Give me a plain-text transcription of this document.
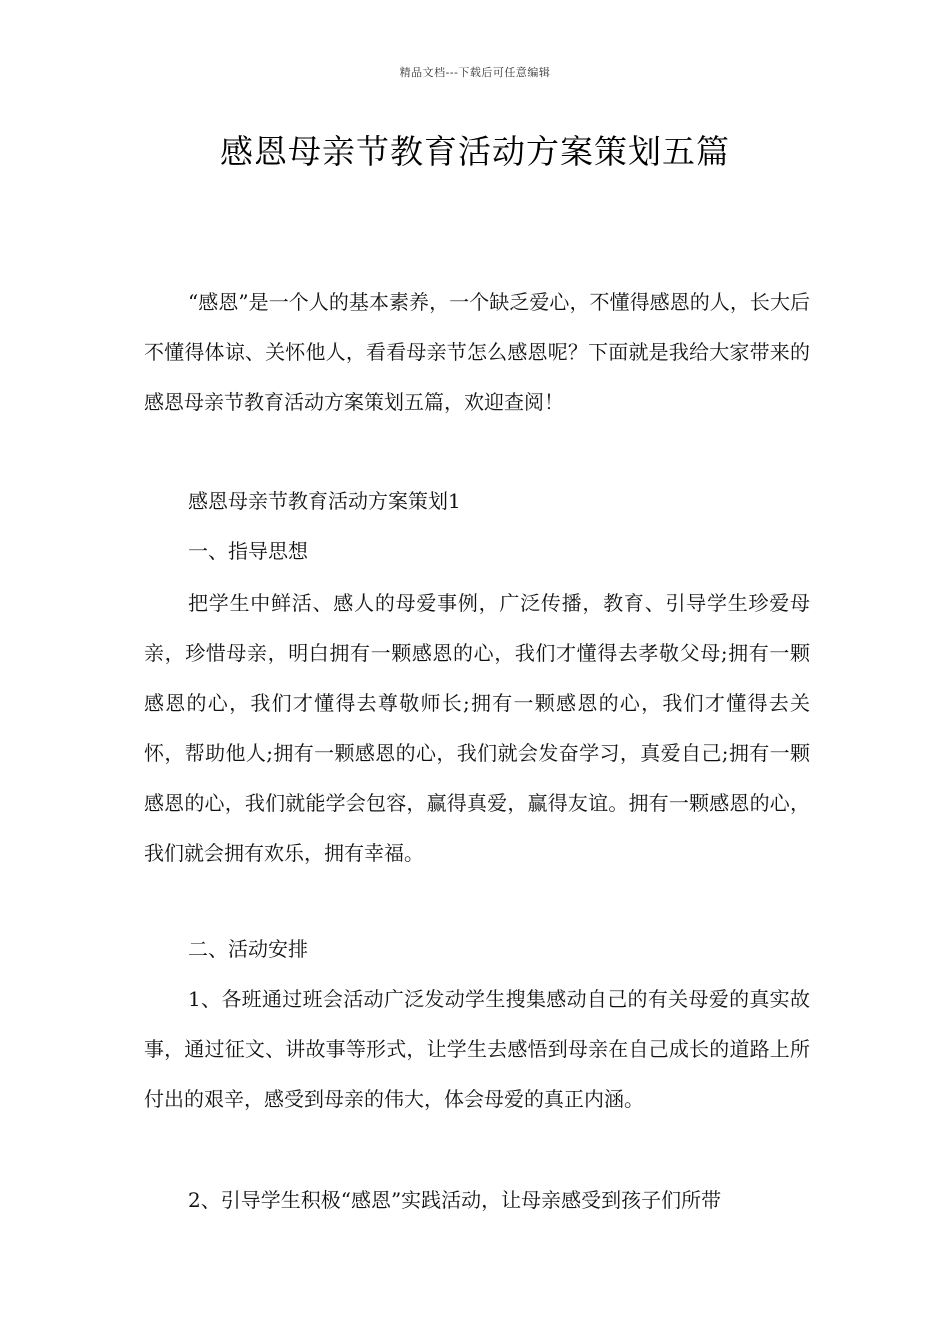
精品文档---下载后可任意编辑
感恩母亲节教育活动方案策划五篇

“感恩”是一个人的基本素养，一个缺乏爱心，不懂得感恩的人，长大后不懂得体谅、关怀他人，看看母亲节怎么感恩呢？下面就是我给大家带来的感恩母亲节教育活动方案策划五篇，欢迎查阅！

感恩母亲节教育活动方案策划1

一、指导思想

把学生中鲜活、感人的母爱事例，广泛传播，教育、引导学生珍爱母亲，珍惜母亲，明白拥有一颗感恩的心，我们才懂得去孝敬父母;拥有一颗感恩的心，我们才懂得去尊敬师长;拥有一颗感恩的心，我们才懂得去关怀，帮助他人;拥有一颗感恩的心，我们就会发奋学习，真爱自己;拥有一颗感恩的心，我们就能学会包容，赢得真爱，赢得友谊。拥有一颗感恩的心，我们就会拥有欢乐，拥有幸福。

二、活动安排

1、各班通过班会活动广泛发动学生搜集感动自己的有关母爱的真实故事，通过征文、讲故事等形式，让学生去感悟到母亲在自己成长的道路上所付出的艰辛，感受到母亲的伟大，体会母爱的真正内涵。

2、引导学生积极“感恩”实践活动，让母亲感受到孩子们所带
